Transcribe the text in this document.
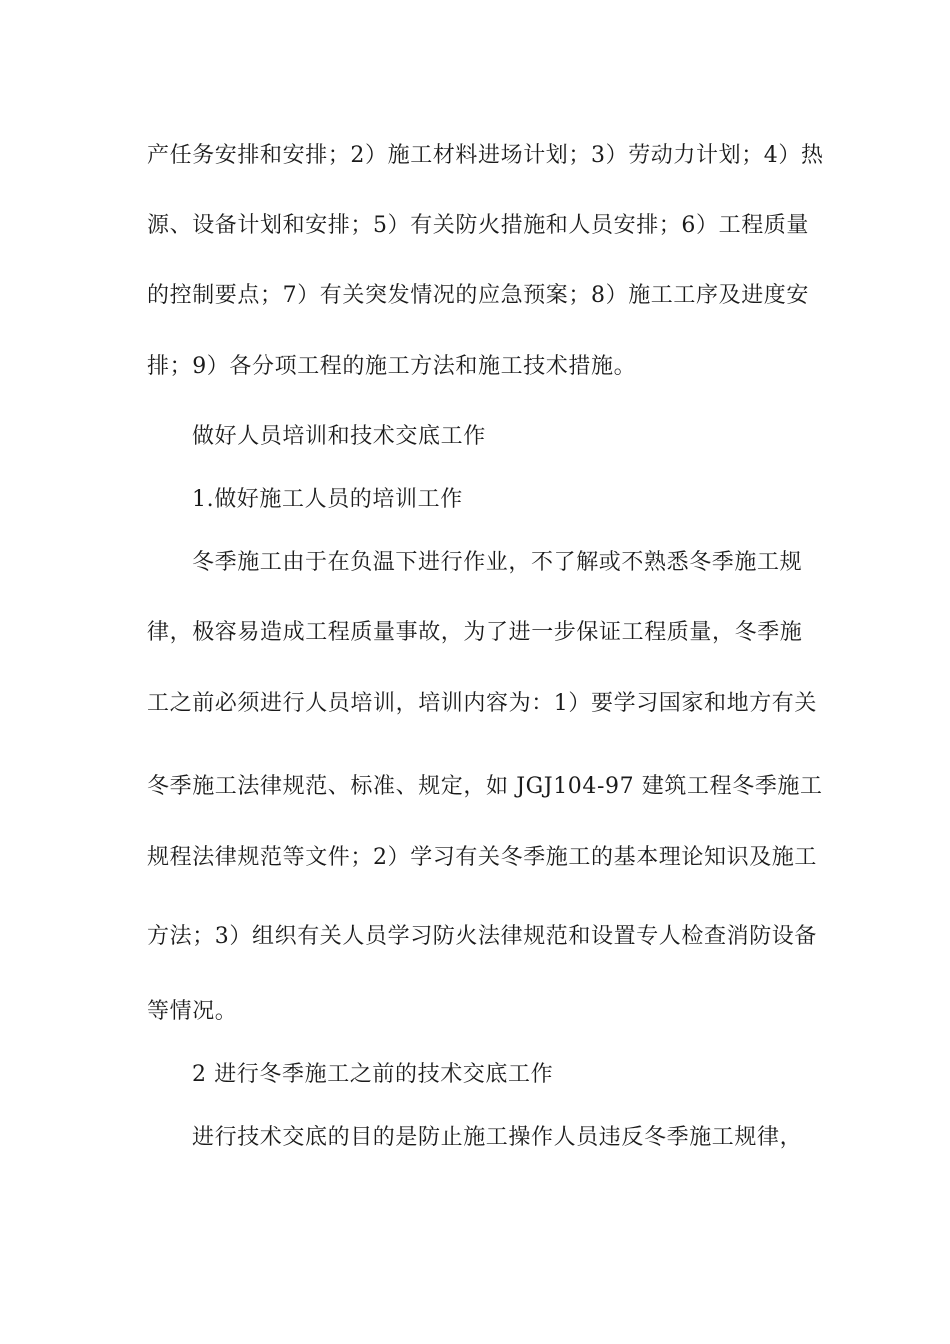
产任务安排和安排；2）施工材料进场计划；3）劳动力计划；4）热
源、设备计划和安排；5）有关防火措施和人员安排；6）工程质量
的控制要点；7）有关突发情况的应急预案；8）施工工序及进度安
排；9）各分项工程的施工方法和施工技术措施。
做好人员培训和技术交底工作
1.做好施工人员的培训工作
冬季施工由于在负温下进行作业，不了解或不熟悉冬季施工规
律，极容易造成工程质量事故，为了进一步保证工程质量，冬季施
工之前必须进行人员培训，培训内容为：1）要学习国家和地方有关
冬季施工法律规范、标准、规定，如 JGJ104-97 建筑工程冬季施工
规程法律规范等文件；2）学习有关冬季施工的基本理论知识及施工
方法；3）组织有关人员学习防火法律规范和设置专人检查消防设备
等情况。
2 进行冬季施工之前的技术交底工作
进行技术交底的目的是防止施工操作人员违反冬季施工规律，
